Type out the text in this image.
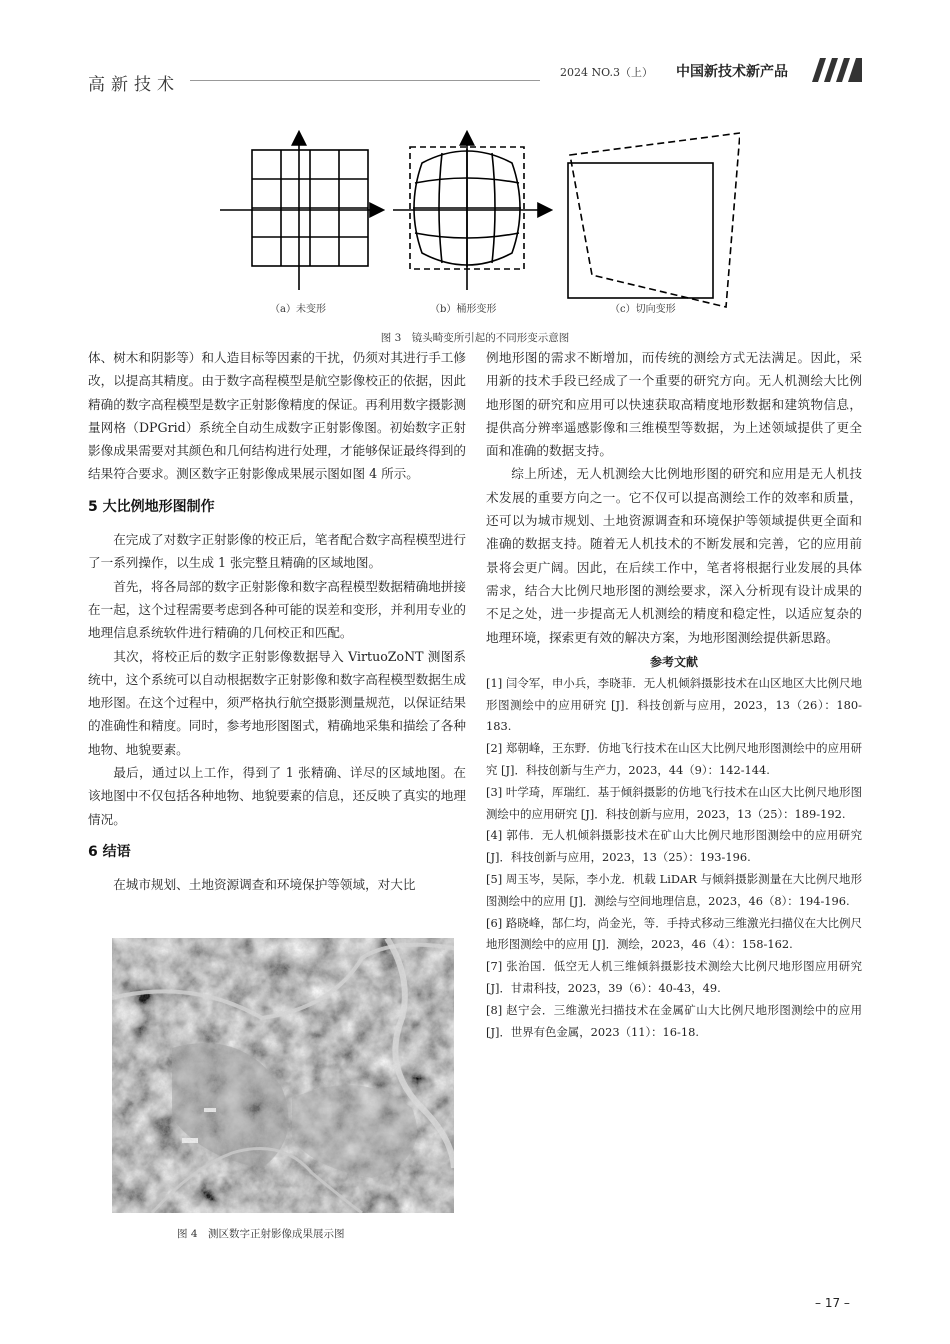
高新技术
2024 NO.3（上） 中国新技术新产品
（a）未变形	（b）桶形变形	（c）切向变形
图 3　镜头畸变所引起的不同形变示意图

体、树木和阴影等）和人造目标等因素的干扰，仍须对其进行手工修改，以提高其精度。由于数字高程模型是航空影像校正的依据，因此精确的数字高程模型是数字正射影像精度的保证。再利用数字摄影测量网格（DPGrid）系统全自动生成数字正射影像图。初始数字正射影像成果需要对其颜色和几何结构进行处理，才能够保证最终得到的结果符合要求。测区数字正射影像成果展示图如图 4 所示。

5 大比例地形图制作

在完成了对数字正射影像的校正后，笔者配合数字高程模型进行了一系列操作，以生成 1 张完整且精确的区域地图。

首先，将各局部的数字正射影像和数字高程模型数据精确地拼接在一起，这个过程需要考虑到各种可能的误差和变形，并利用专业的地理信息系统软件进行精确的几何校正和匹配。

其次，将校正后的数字正射影像数据导入 VirtuoZoNT 测图系统中，这个系统可以自动根据数字正射影像和数字高程模型数据生成地形图。在这个过程中，须严格执行航空摄影测量规范，以保证结果的准确性和精度。同时，参考地形图图式，精确地采集和描绘了各种地物、地貌要素。

最后，通过以上工作，得到了 1 张精确、详尽的区域地图。在该地图中不仅包括各种地物、地貌要素的信息，还反映了真实的地理情况。

6 结语

在城市规划、土地资源调查和环境保护等领域，对大比

图 4　测区数字正射影像成果展示图

例地形图的需求不断增加，而传统的测绘方式无法满足。因此，采用新的技术手段已经成了一个重要的研究方向。无人机测绘大比例地形图的研究和应用可以快速获取高精度地形数据和建筑物信息，提供高分辨率遥感影像和三维模型等数据，为上述领域提供了更全面和准确的数据支持。

综上所述，无人机测绘大比例地形图的研究和应用是无人机技术发展的重要方向之一。它不仅可以提高测绘工作的效率和质量，还可以为城市规划、土地资源调查和环境保护等领域提供更全面和准确的数据支持。随着无人机技术的不断发展和完善，它的应用前景将会更广阔。因此，在后续工作中，笔者将根据行业发展的具体需求，结合大比例尺地形图的测绘要求，深入分析现有设计成果的不足之处，进一步提高无人机测绘的精度和稳定性，以适应复杂的地理环境，探索更有效的解决方案，为地形图测绘提供新思路。

参考文献

[1] 闫令军，申小兵，李晓菲．无人机倾斜摄影技术在山区地区大比例尺地形图测绘中的应用研究 [J]．科技创新与应用，2023，13（26）：180-183.

[2] 郑朝峰，王东野．仿地飞行技术在山区大比例尺地形图测绘中的应用研究 [J]．科技创新与生产力，2023，44（9）：142-144.

[3] 叶学琦，厍瑞红．基于倾斜摄影的仿地飞行技术在山区大比例尺地形图测绘中的应用研究 [J]．科技创新与应用，2023，13（25）：189-192.

[4] 郭伟．无人机倾斜摄影技术在矿山大比例尺地形图测绘中的应用研究 [J]．科技创新与应用，2023，13（25）：193-196.

[5] 周玉岑，吴际，李小龙．机载 LiDAR 与倾斜摄影测量在大比例尺地形图测绘中的应用 [J]．测绘与空间地理信息，2023，46（8）：194-196.

[6] 路晓峰，郜仁均，尚金光，等．手持式移动三维激光扫描仪在大比例尺地形图测绘中的应用 [J]．测绘，2023，46（4）：158-162.

[7] 张治国．低空无人机三维倾斜摄影技术测绘大比例尺地形图应用研究 [J]．甘肃科技，2023，39（6）：40-43，49.

[8] 赵宁会．三维激光扫描技术在金属矿山大比例尺地形图测绘中的应用 [J]．世界有色金属，2023（11）：16-18.

– 17 –
